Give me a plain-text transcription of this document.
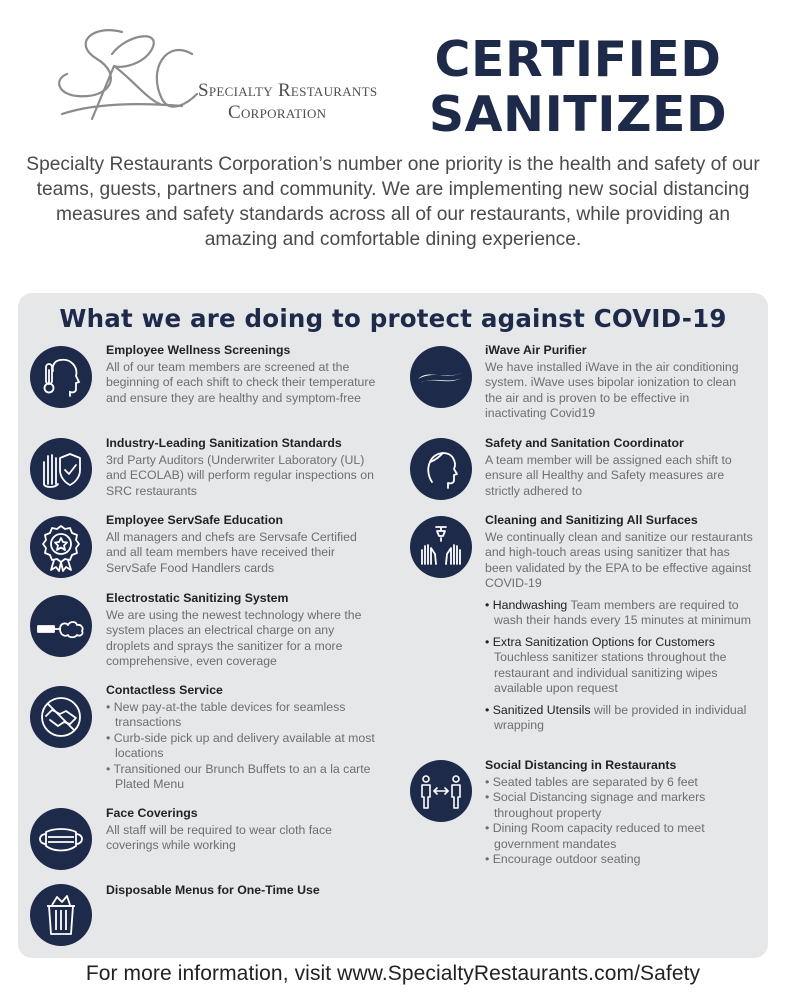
Specialty Restaurants
Corporation
CERTIFIED
SANITIZED

Specialty Restaurants Corporation’s number one priority is the health and safety of our teams, guests, partners and community. We are implementing new social distancing measures and safety standards across all of our restaurants, while providing an amazing and comfortable dining experience.

What we are doing to protect against COVID-19
Employee Wellness Screenings
All of our team members are screened at the beginning of each shift to check their temperature and ensure they are healthy and symptom-free
Industry-Leading Sanitization Standards
3rd Party Auditors (Underwriter Laboratory (UL) and ECOLAB) will perform regular inspections on SRC restaurants
Employee ServSafe Education
All managers and chefs are Servsafe Certified and all team members have received their ServSafe Food Handlers cards
Electrostatic Sanitizing System
We are using the newest technology where the system places an electrical charge on any droplets and sprays the sanitizer for a more comprehensive, even coverage
Contactless Service
• New pay-at-the table devices for seamless transactions
• Curb-side pick up and delivery available at most locations
• Transitioned our Brunch Buffets to an a la carte Plated Menu
Face Coverings
All staff will be required to wear cloth face coverings while working
Disposable Menus for One-Time Use
iWave Air Purifier
We have installed iWave in the air conditioning system. iWave uses bipolar ionization to clean the air and is proven to be effective in inactivating Covid19
Safety and Sanitation Coordinator
A team member will be assigned each shift to ensure all Healthy and Safety measures are strictly adhered to
Cleaning and Sanitizing All Surfaces
We continually clean and sanitize our restaurants and high-touch areas using sanitizer that has been validated by the EPA to be effective against COVID-19
• Handwashing Team members are required to wash their hands every 15 minutes at minimum
• Extra Sanitization Options for Customers Touchless sanitizer stations throughout the restaurant and individual sanitizing wipes available upon request
• Sanitized Utensils will be provided in individual wrapping
Social Distancing in Restaurants
• Seated tables are separated by 6 feet
• Social Distancing signage and markers throughout property
• Dining Room capacity reduced to meet government mandates
• Encourage outdoor seating
For more information, visit www.SpecialtyRestaurants.com/Safety
